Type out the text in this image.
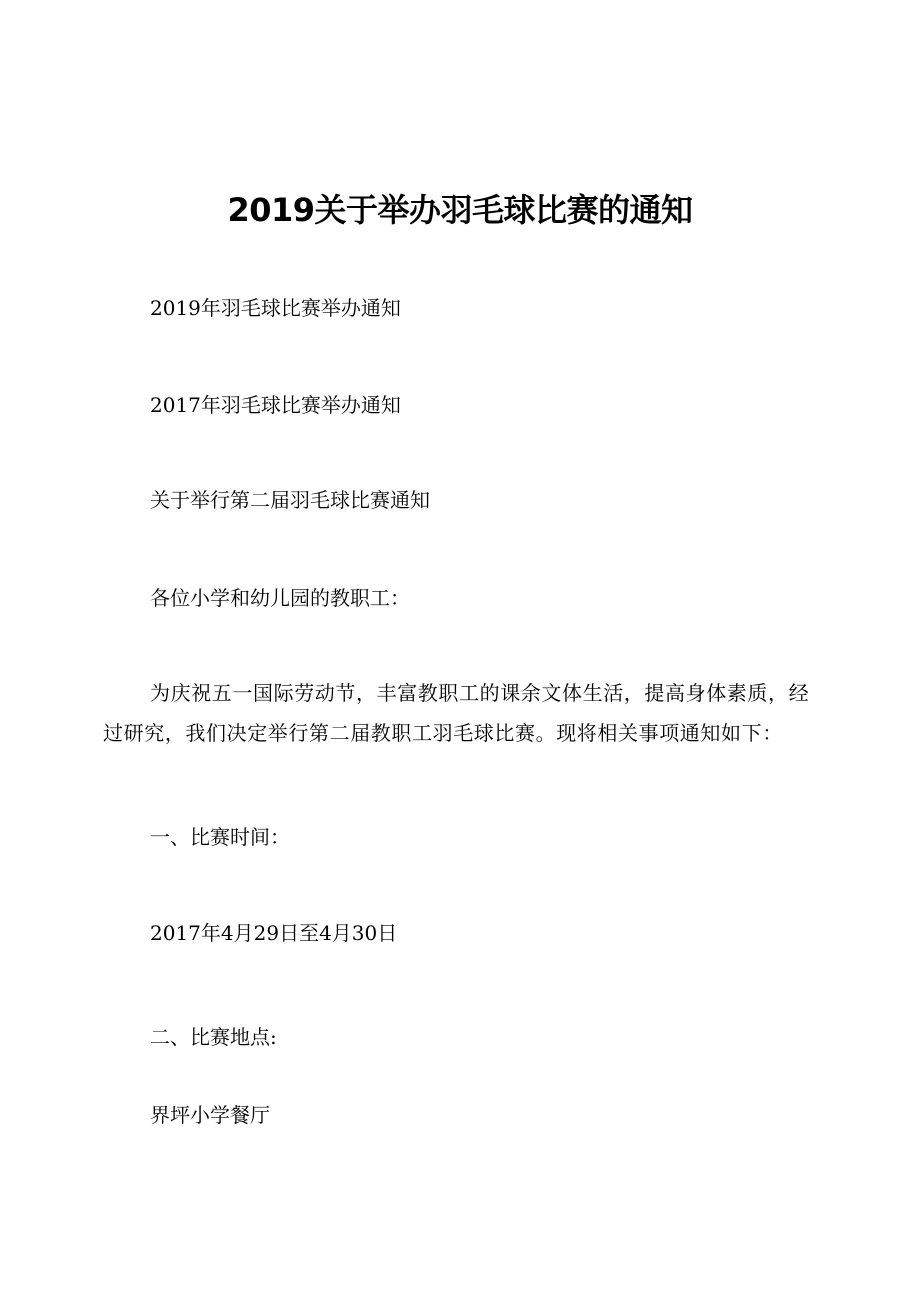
2019关于举办羽毛球比赛的通知

2019年羽毛球比赛举办通知

2017年羽毛球比赛举办通知

关于举行第二届羽毛球比赛通知

各位小学和幼儿园的教职工：

为庆祝五一国际劳动节，丰富教职工的课余文体生活，提高身体素质，经过研究，我们决定举行第二届教职工羽毛球比赛。现将相关事项通知如下：

一、比赛时间：

2017年4月29日至4月30日

二、比赛地点:

界坪小学餐厅
